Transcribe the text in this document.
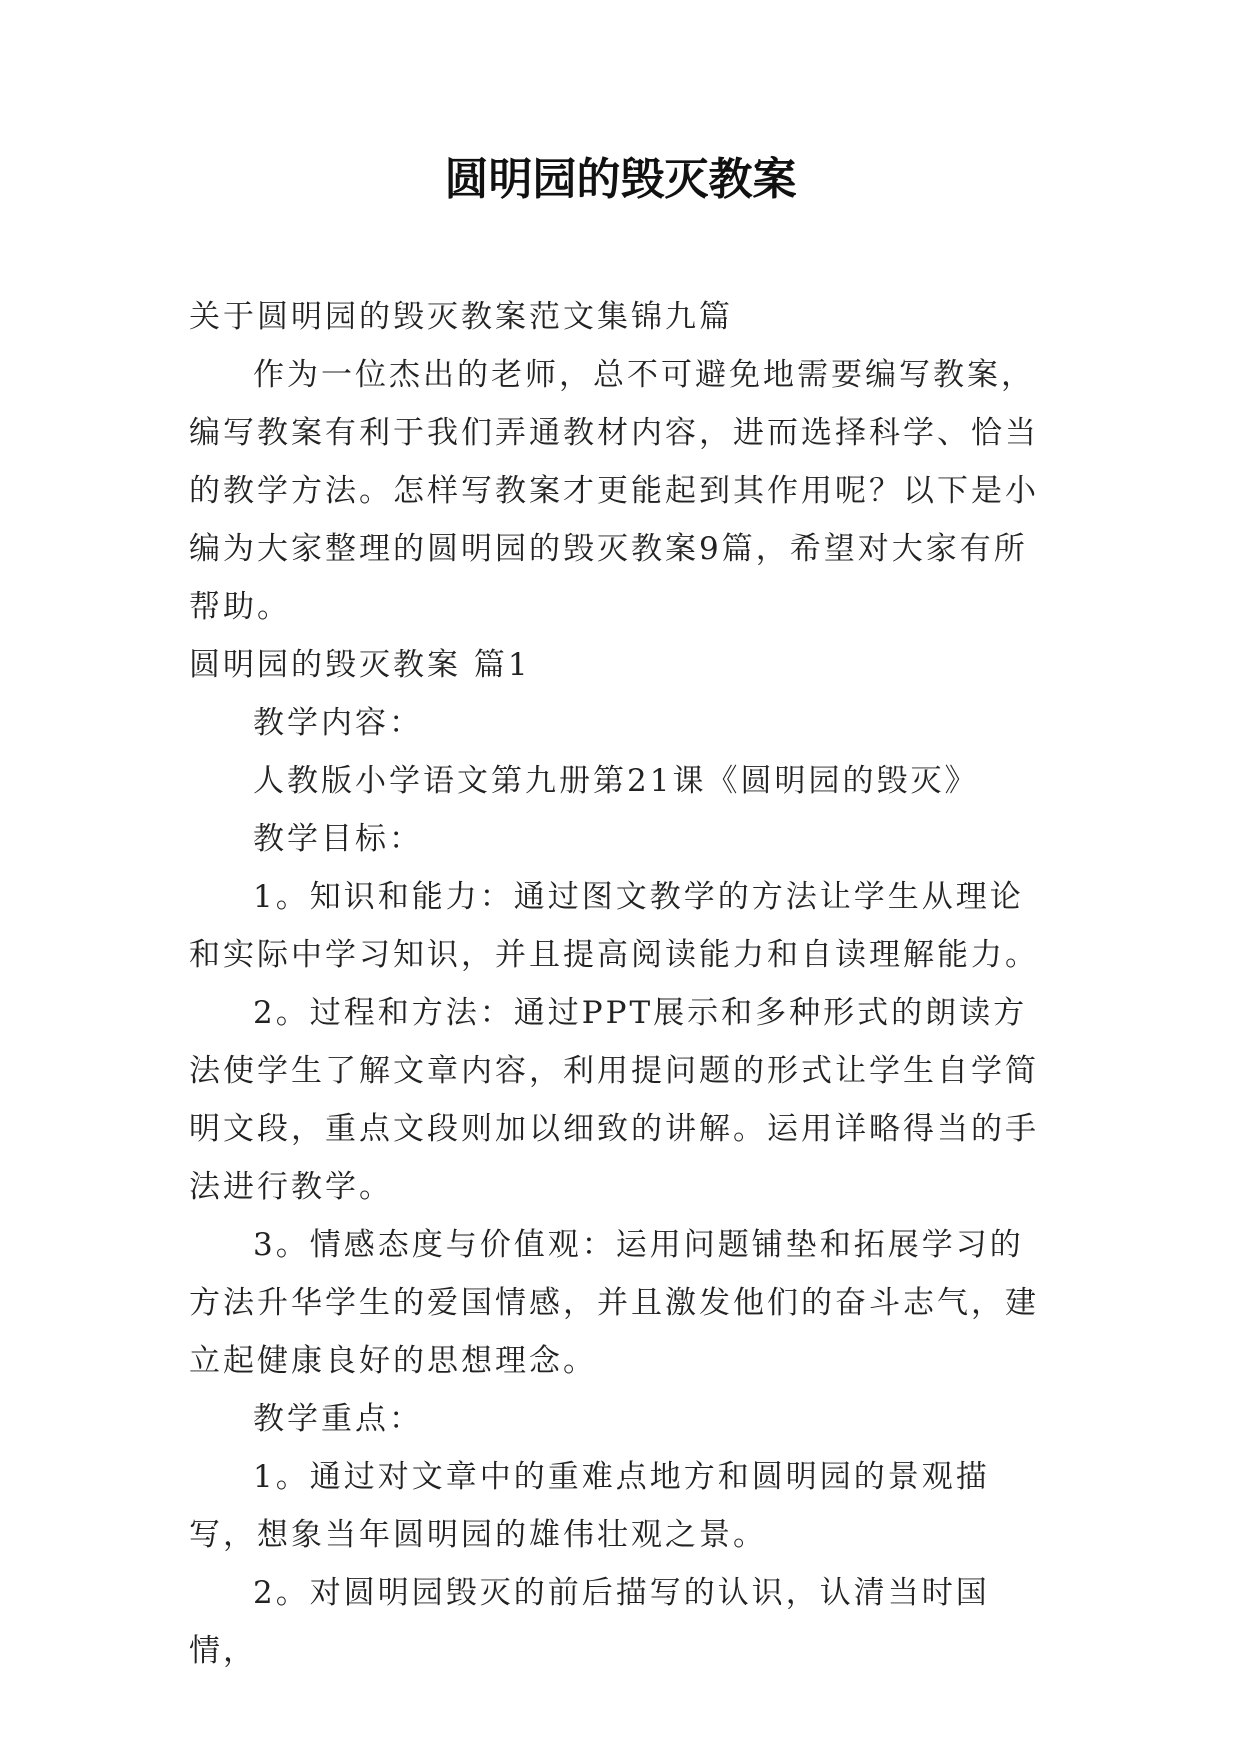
圆明园的毁灭教案

关于圆明园的毁灭教案范文集锦九篇

作为一位杰出的老师，总不可避免地需要编写教案，编写教案有利于我们弄通教材内容，进而选择科学、恰当的教学方法。怎样写教案才更能起到其作用呢？以下是小编为大家整理的圆明园的毁灭教案9篇，希望对大家有所帮助。

圆明园的毁灭教案 篇1

教学内容：

人教版小学语文第九册第21课《圆明园的毁灭》

教学目标：

1。知识和能力：通过图文教学的方法让学生从理论和实际中学习知识，并且提高阅读能力和自读理解能力。

2。过程和方法：通过PPT展示和多种形式的朗读方法使学生了解文章内容，利用提问题的形式让学生自学简明文段，重点文段则加以细致的讲解。运用详略得当的手法进行教学。

3。情感态度与价值观：运用问题铺垫和拓展学习的方法升华学生的爱国情感，并且激发他们的奋斗志气，建立起健康良好的思想理念。

教学重点：

1。通过对文章中的重难点地方和圆明园的景观描写，想象当年圆明园的雄伟壮观之景。

2。对圆明园毁灭的前后描写的认识，认清当时国情，
